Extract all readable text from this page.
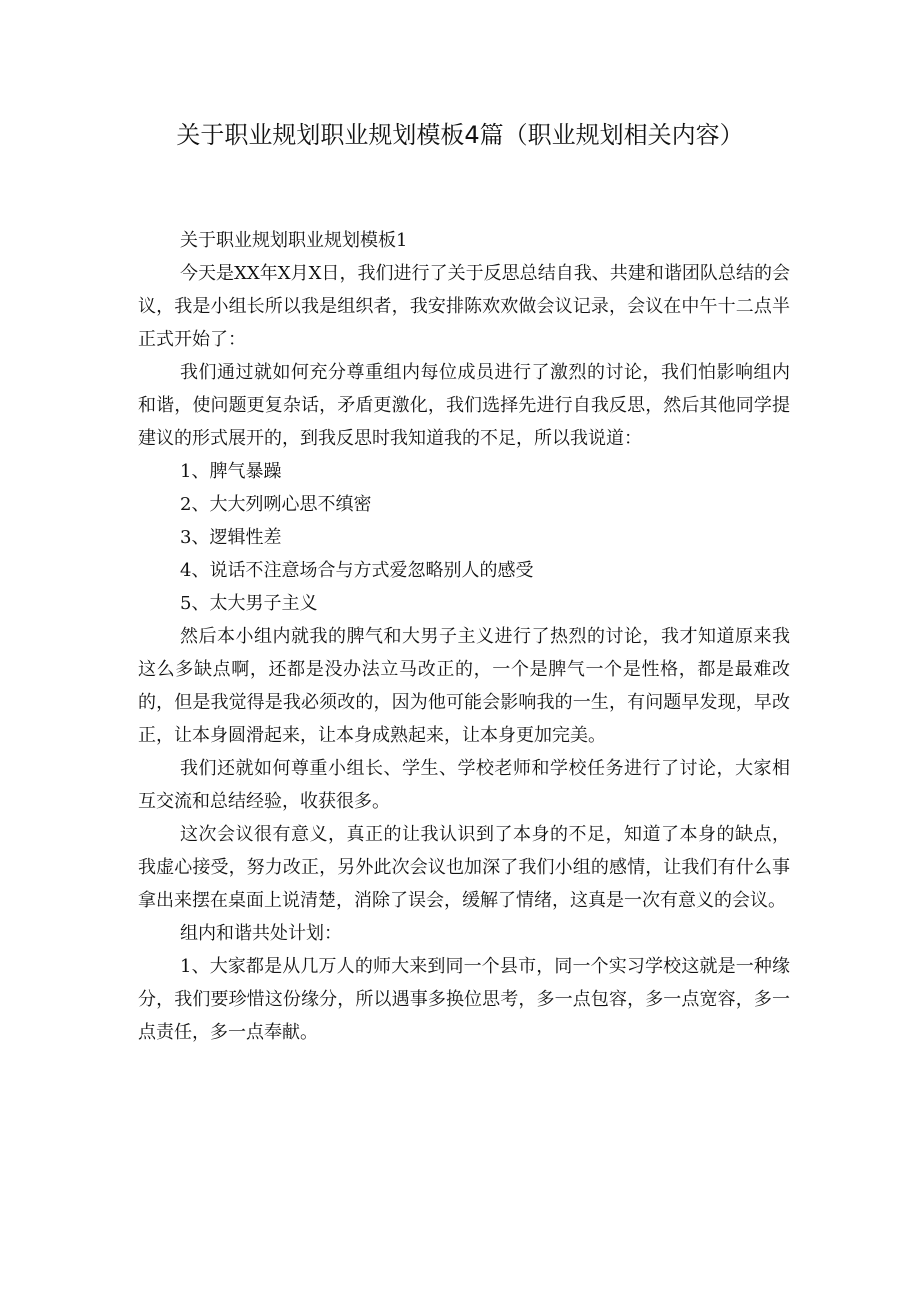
关于职业规划职业规划模板4篇（职业规划相关内容）

关于职业规划职业规划模板1

今天是XX年X月X日，我们进行了关于反思总结自我、共建和谐团队总结的会议，我是小组长所以我是组织者，我安排陈欢欢做会议记录，会议在中午十二点半正式开始了：

我们通过就如何充分尊重组内每位成员进行了激烈的讨论，我们怕影响组内和谐，使问题更复杂话，矛盾更激化，我们选择先进行自我反思，然后其他同学提建议的形式展开的，到我反思时我知道我的不足，所以我说道：

1、脾气暴躁

2、大大列咧心思不缜密

3、逻辑性差

4、说话不注意场合与方式爱忽略别人的感受

5、太大男子主义

然后本小组内就我的脾气和大男子主义进行了热烈的讨论，我才知道原来我这么多缺点啊，还都是没办法立马改正的，一个是脾气一个是性格，都是最难改的，但是我觉得是我必须改的，因为他可能会影响我的一生，有问题早发现，早改正，让本身圆滑起来，让本身成熟起来，让本身更加完美。

我们还就如何尊重小组长、学生、学校老师和学校任务进行了讨论，大家相互交流和总结经验，收获很多。

这次会议很有意义，真正的让我认识到了本身的不足，知道了本身的缺点，我虚心接受，努力改正，另外此次会议也加深了我们小组的感情，让我们有什么事拿出来摆在桌面上说清楚，消除了误会，缓解了情绪，这真是一次有意义的会议。

组内和谐共处计划：

1、大家都是从几万人的师大来到同一个县市，同一个实习学校这就是一种缘分，我们要珍惜这份缘分，所以遇事多换位思考，多一点包容，多一点宽容，多一点责任，多一点奉献。
